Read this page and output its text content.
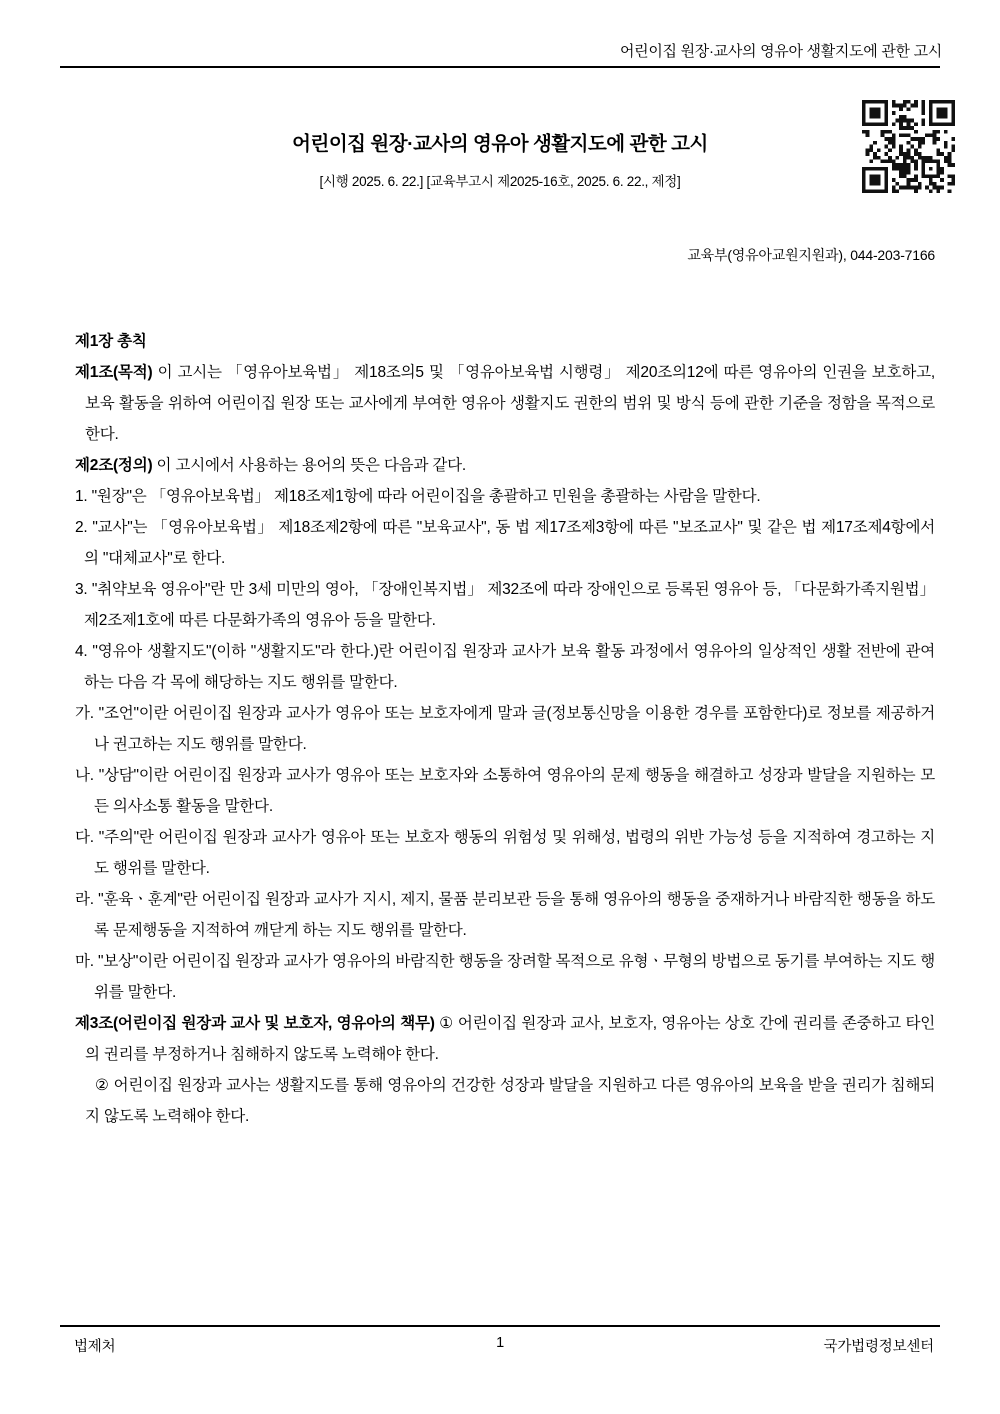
어린이집 원장·교사의 영유아 생활지도에 관한 고시
어린이집 원장·교사의 영유아 생활지도에 관한 고시
[시행 2025. 6. 22.] [교육부고시 제2025-16호, 2025. 6. 22., 제정]
교육부(영유아교원지원과), 044-203-7166

제1장 총칙

제1조(목적) 이 고시는 「영유아보육법」 제18조의5 및 「영유아보육법 시행령」 제20조의12에 따른 영유아의 인권을 보호하고, 보육 활동을 위하여 어린이집 원장 또는 교사에게 부여한 영유아 생활지도 권한의 범위 및 방식 등에 관한 기준을 정함을 목적으로 한다.

제2조(정의) 이 고시에서 사용하는 용어의 뜻은 다음과 같다.

1. "원장"은 「영유아보육법」 제18조제1항에 따라 어린이집을 총괄하고 민원을 총괄하는 사람을 말한다.

2. "교사"는 「영유아보육법」 제18조제2항에 따른 "보육교사", 동 법 제17조제3항에 따른 "보조교사" 및 같은 법 제17조제4항에서의 "대체교사"로 한다.

3. "취약보육 영유아"란 만 3세 미만의 영아, 「장애인복지법」 제32조에 따라 장애인으로 등록된 영유아 등, 「다문화가족지원법」제2조제1호에 따른 다문화가족의 영유아 등을 말한다.

4. "영유아 생활지도"(이하 "생활지도"라 한다.)란 어린이집 원장과 교사가 보육 활동 과정에서 영유아의 일상적인 생활 전반에 관여하는 다음 각 목에 해당하는 지도 행위를 말한다.

가. "조언"이란 어린이집 원장과 교사가 영유아 또는 보호자에게 말과 글(정보통신망을 이용한 경우를 포함한다)로 정보를 제공하거나 권고하는 지도 행위를 말한다.

나. "상담"이란 어린이집 원장과 교사가 영유아 또는 보호자와 소통하여 영유아의 문제 행동을 해결하고 성장과 발달을 지원하는 모든 의사소통 활동을 말한다.

다. "주의"란 어린이집 원장과 교사가 영유아 또는 보호자 행동의 위험성 및 위해성, 법령의 위반 가능성 등을 지적하여 경고하는 지도 행위를 말한다.

라. "훈육ㆍ훈계"란 어린이집 원장과 교사가 지시, 제지, 물품 분리보관 등을 통해 영유아의 행동을 중재하거나 바람직한 행동을 하도록 문제행동을 지적하여 깨닫게 하는 지도 행위를 말한다.

마. "보상"이란 어린이집 원장과 교사가 영유아의 바람직한 행동을 장려할 목적으로 유형ㆍ무형의 방법으로 동기를 부여하는 지도 행위를 말한다.

제3조(어린이집 원장과 교사 및 보호자, 영유아의 책무) ① 어린이집 원장과 교사, 보호자, 영유아는 상호 간에 권리를 존중하고 타인의 권리를 부정하거나 침해하지 않도록 노력해야 한다.

② 어린이집 원장과 교사는 생활지도를 통해 영유아의 건강한 성장과 발달을 지원하고 다른 영유아의 보육을 받을 권리가 침해되지 않도록 노력해야 한다.

법제처	1	국가법령정보센터
